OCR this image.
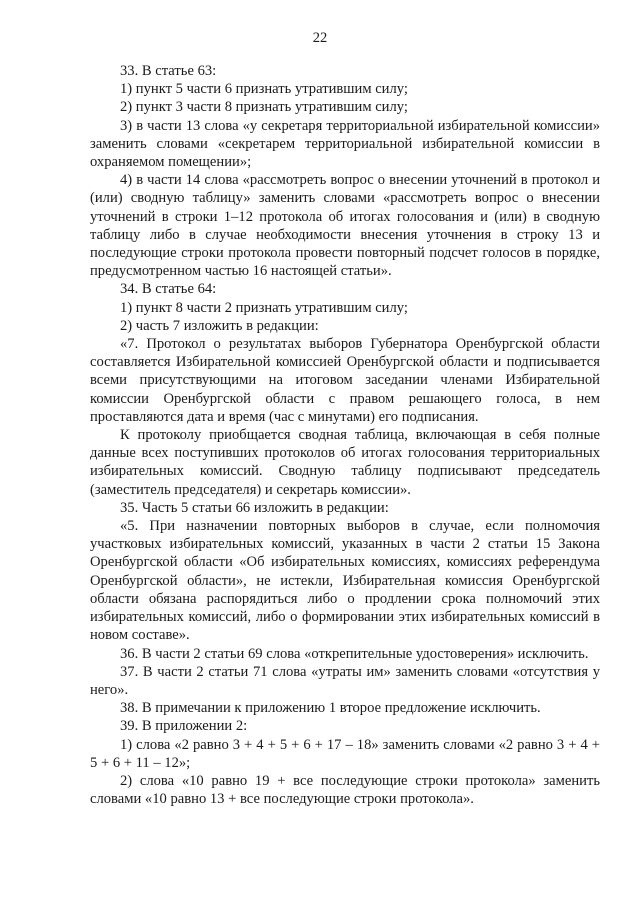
22

33. В статье 63:

1) пункт 5 части 6 признать утратившим силу;

2) пункт 3 части 8 признать утратившим силу;

3) в части 13 слова «у секретаря территориальной избирательной комиссии» заменить словами «секретарем территориальной избирательной комиссии в охраняемом помещении»;

4) в части 14 слова «рассмотреть вопрос о внесении уточнений в протокол и (или) сводную таблицу» заменить словами «рассмотреть вопрос о внесении уточнений в строки 1–12 протокола об итогах голосования и (или) в сводную таблицу либо в случае необходимости внесения уточнения в строку 13 и последующие строки протокола провести повторный подсчет голосов в порядке, предусмотренном частью 16 настоящей статьи».

34. В статье 64:

1) пункт 8 части 2 признать утратившим силу;

2) часть 7 изложить в редакции:

«7. Протокол о результатах выборов Губернатора Оренбургской области составляется Избирательной комиссией Оренбургской области и подписывается всеми присутствующими на итоговом заседании членами Избирательной комиссии Оренбургской области с правом решающего голоса, в нем проставляются дата и время (час с минутами) его подписания.

К протоколу приобщается сводная таблица, включающая в себя полные данные всех поступивших протоколов об итогах голосования территориальных избирательных комиссий. Сводную таблицу подписывают председатель (заместитель председателя) и секретарь комиссии».

35. Часть 5 статьи 66 изложить в редакции:

«5. При назначении повторных выборов в случае, если полномочия участковых избирательных комиссий, указанных в части 2 статьи 15 Закона Оренбургской области «Об избирательных комиссиях, комиссиях референдума Оренбургской области», не истекли, Избирательная комиссия Оренбургской области обязана распорядиться либо о продлении срока полномочий этих избирательных комиссий, либо о формировании этих избирательных комиссий в новом составе».

36. В части 2 статьи 69 слова «открепительные удостоверения» исключить.

37. В части 2 статьи 71 слова «утраты им» заменить словами «отсутствия у него».

38. В примечании к приложению 1 второе предложение исключить.

39. В приложении 2:

1) слова «2 равно 3 + 4 + 5 + 6 + 17 – 18» заменить словами «2 равно 3 + 4 + 5 + 6 + 11 – 12»;

2) слова «10 равно 19 + все последующие строки протокола» заменить словами «10 равно 13 + все последующие строки протокола».
